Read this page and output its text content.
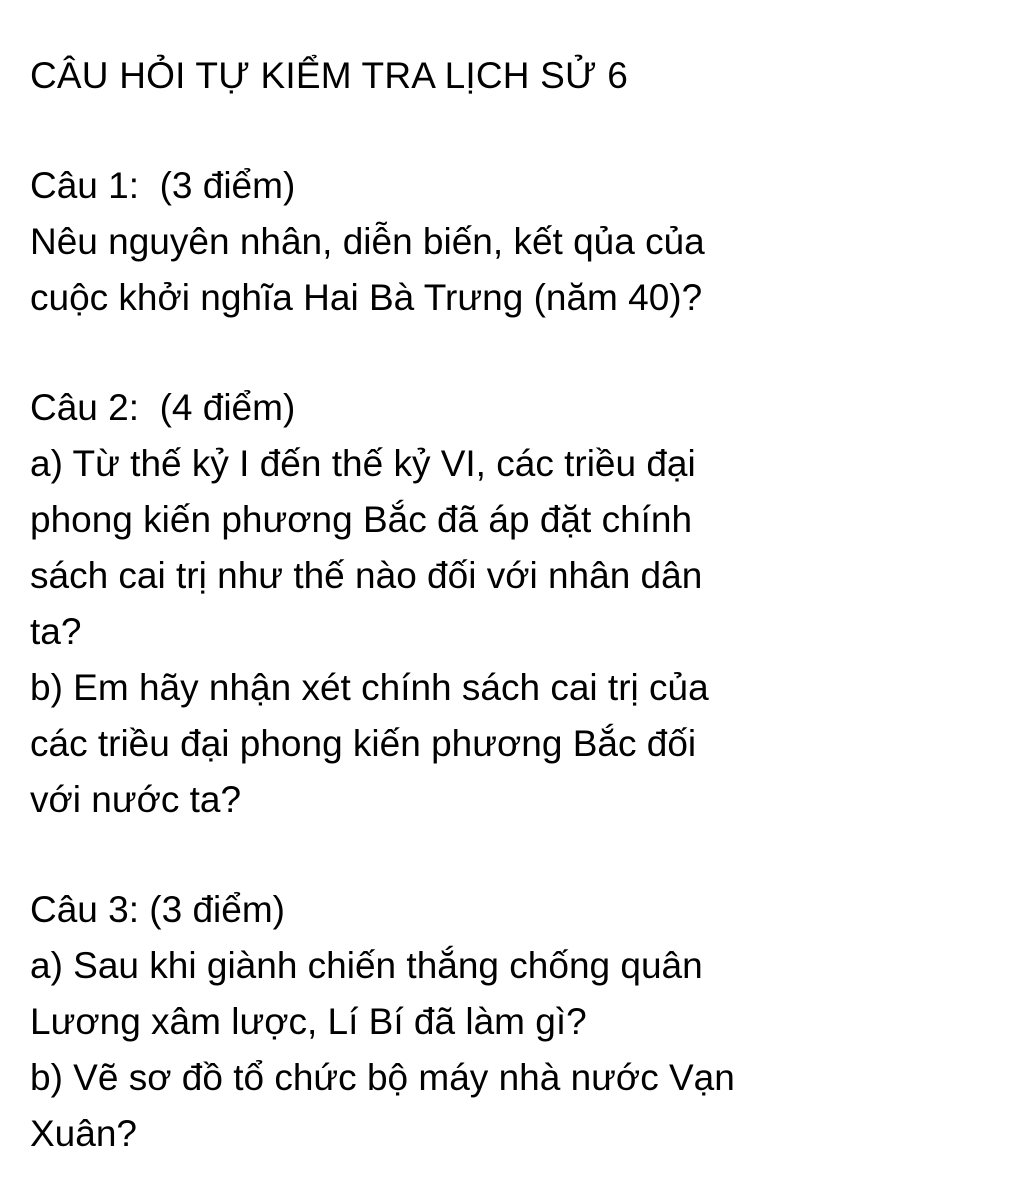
CÂU HỎI TỰ KIỂM TRA LỊCH SỬ 6
Câu 1:  (3 điểm)
Nêu nguyên nhân, diễn biến, kết qủa của
cuộc khởi nghĩa Hai Bà Trưng (năm 40)?
Câu 2:  (4 điểm)
a) Từ thế kỷ I đến thế kỷ VI, các triều đại
phong kiến phương Bắc đã áp đặt chính
sách cai trị như thế nào đối với nhân dân
ta?
b) Em hãy nhận xét chính sách cai trị của
các triều đại phong kiến phương Bắc đối
với nước ta?
Câu 3: (3 điểm)
a) Sau khi giành chiến thắng chống quân
Lương xâm lược, Lí Bí đã làm gì?
b) Vẽ sơ đồ tổ chức bộ máy nhà nước Vạn
Xuân?
